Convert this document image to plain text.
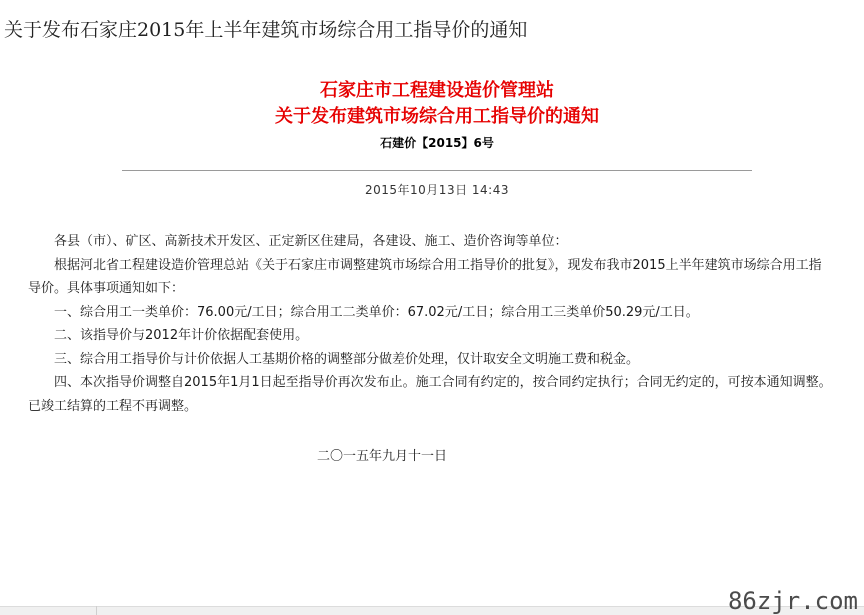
关于发布石家庄2015年上半年建筑市场综合用工指导价的通知
石家庄市工程建设造价管理站
关于发布建筑市场综合用工指导价的通知
石建价【2015】6号
2015年10月13日 14:43

各县（市）、矿区、高新技术开发区、正定新区住建局，各建设、施工、造价咨询等单位：

根据河北省工程建设造价管理总站《关于石家庄市调整建筑市场综合用工指导价的批复》，现发布我市2015上半年建筑市场综合用工指导价。具体事项通知如下：

一、综合用工一类单价：76.00元/工日；综合用工二类单价：67.02元/工日；综合用工三类单价50.29元/工日。

二、该指导价与2012年计价依据配套使用。

三、综合用工指导价与计价依据人工基期价格的调整部分做差价处理，仅计取安全文明施工费和税金。

四、本次指导价调整自2015年1月1日起至指导价再次发布止。施工合同有约定的，按合同约定执行；合同无约定的，可按本通知调整。已竣工结算的工程不再调整。

二〇一五年九月十一日
86zjr.com
